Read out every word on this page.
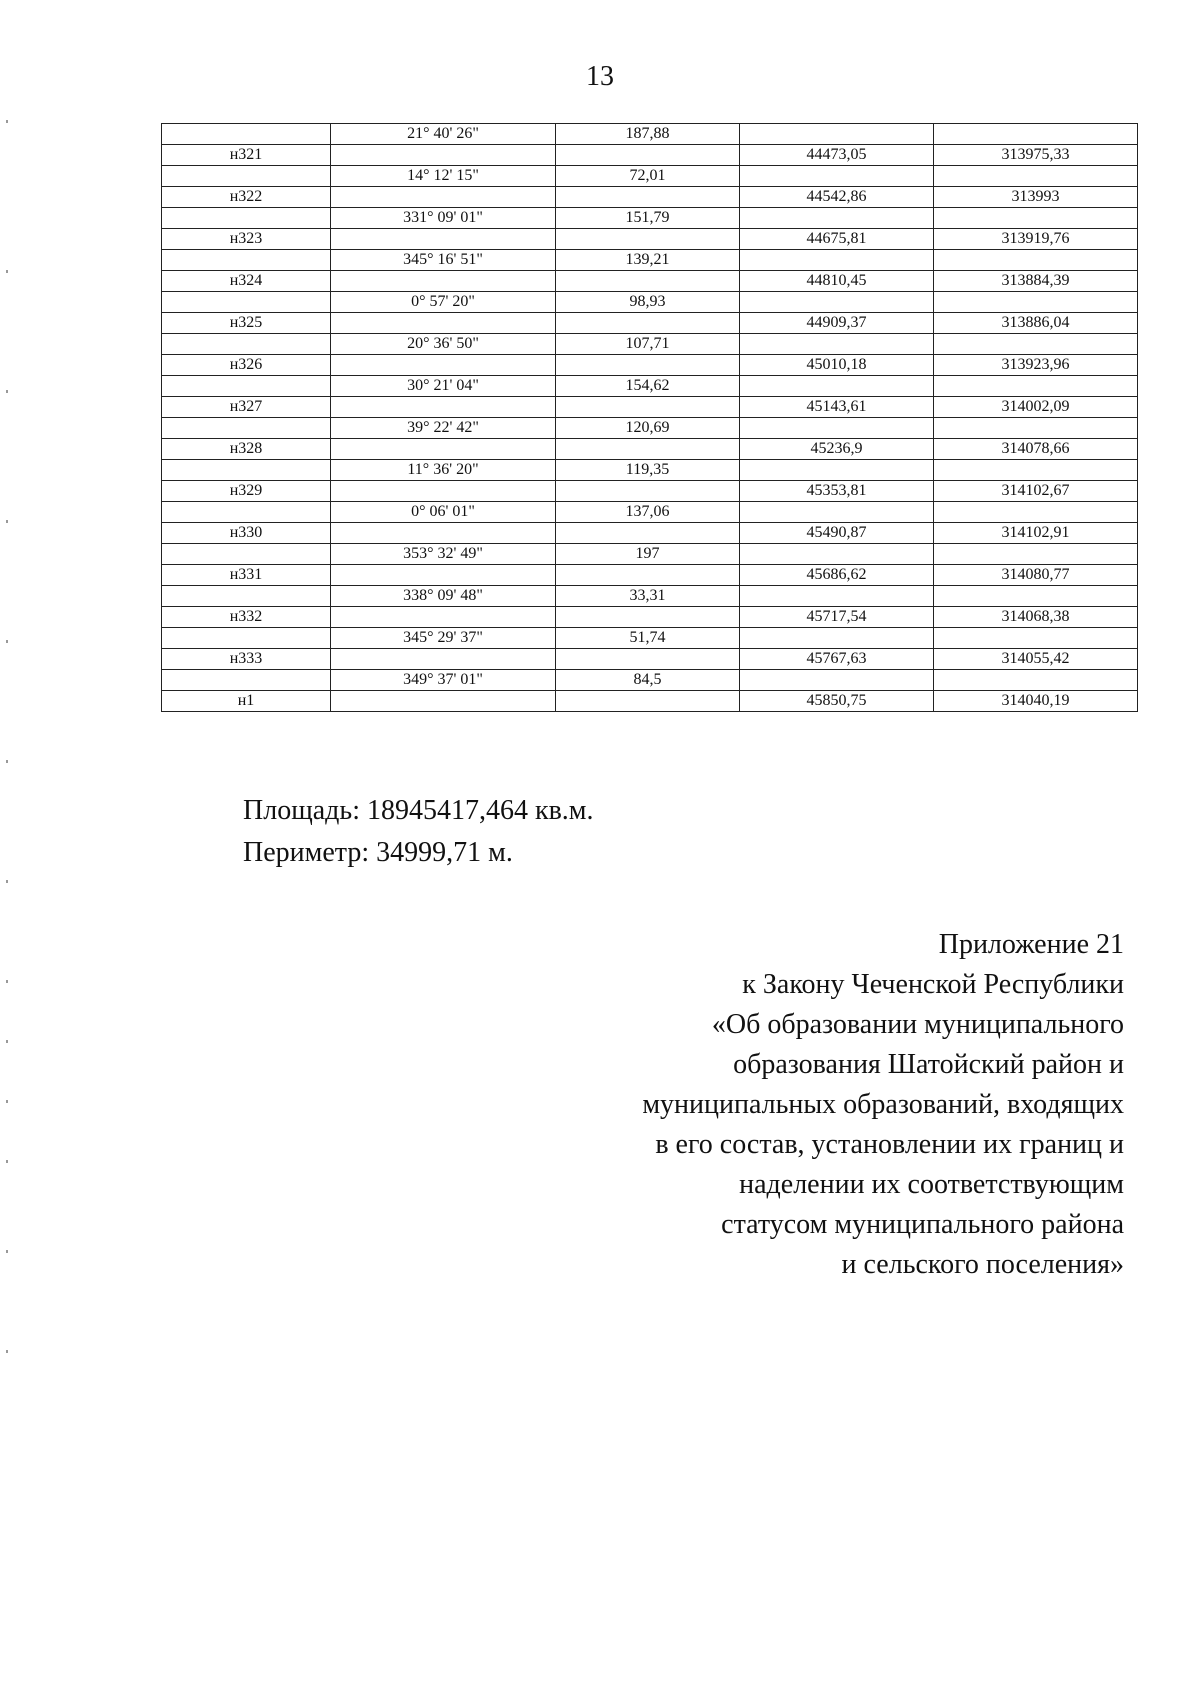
13
	21° 40' 26"	187,88		
н321			44473,05	313975,33
	14° 12' 15"	72,01		
н322			44542,86	313993
	331° 09' 01"	151,79		
н323			44675,81	313919,76
	345° 16' 51"	139,21		
н324			44810,45	313884,39
	0° 57' 20"	98,93		
н325			44909,37	313886,04
	20° 36' 50"	107,71		
н326			45010,18	313923,96
	30° 21' 04"	154,62		
н327			45143,61	314002,09
	39° 22' 42"	120,69		
н328			45236,9	314078,66
	11° 36' 20"	119,35		
н329			45353,81	314102,67
	0° 06' 01"	137,06		
н330			45490,87	314102,91
	353° 32' 49"	197		
н331			45686,62	314080,77
	338° 09' 48"	33,31		
н332			45717,54	314068,38
	345° 29' 37"	51,74		
н333			45767,63	314055,42
	349° 37' 01"	84,5		
н1			45850,75	314040,19
Площадь: 18945417,464 кв.м.
Периметр: 34999,71 м.
Приложение 21
к Закону Чеченской Республики
«Об образовании муниципального
образования Шатойский район и
муниципальных образований, входящих
в его состав, установлении их границ и
наделении их соответствующим
статусом муниципального района
и сельского поселения»
